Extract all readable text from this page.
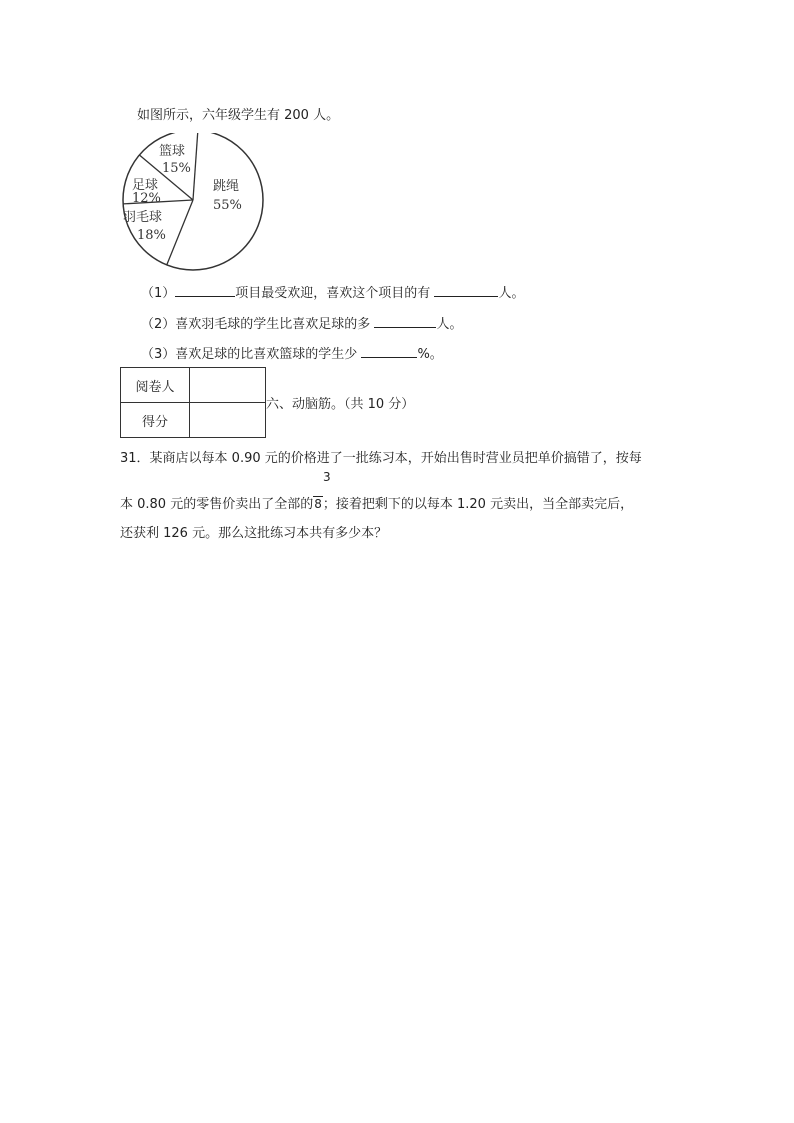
如图所示，六年级学生有 200 人。
跳绳
55%
羽毛球
18%
足球
12%
篮球
15%
（1）	项目最受欢迎，喜欢这个项目的有	人。
（2）喜欢羽毛球的学生比喜欢足球的多	人。
（3）喜欢足球的比喜欢篮球的学生少	%。
阅卷人	
得分	
六、动脑筋。（共 10 分）
31．某商店以每本 0.90 元的价格进了一批练习本，开始出售时营业员把单价搞错了，按每
3
本 0.80 元的零售价卖出了全部的8；接着把剩下的以每本 1.20 元卖出，当全部卖完后，
还获利 126 元。那么这批练习本共有多少本？
